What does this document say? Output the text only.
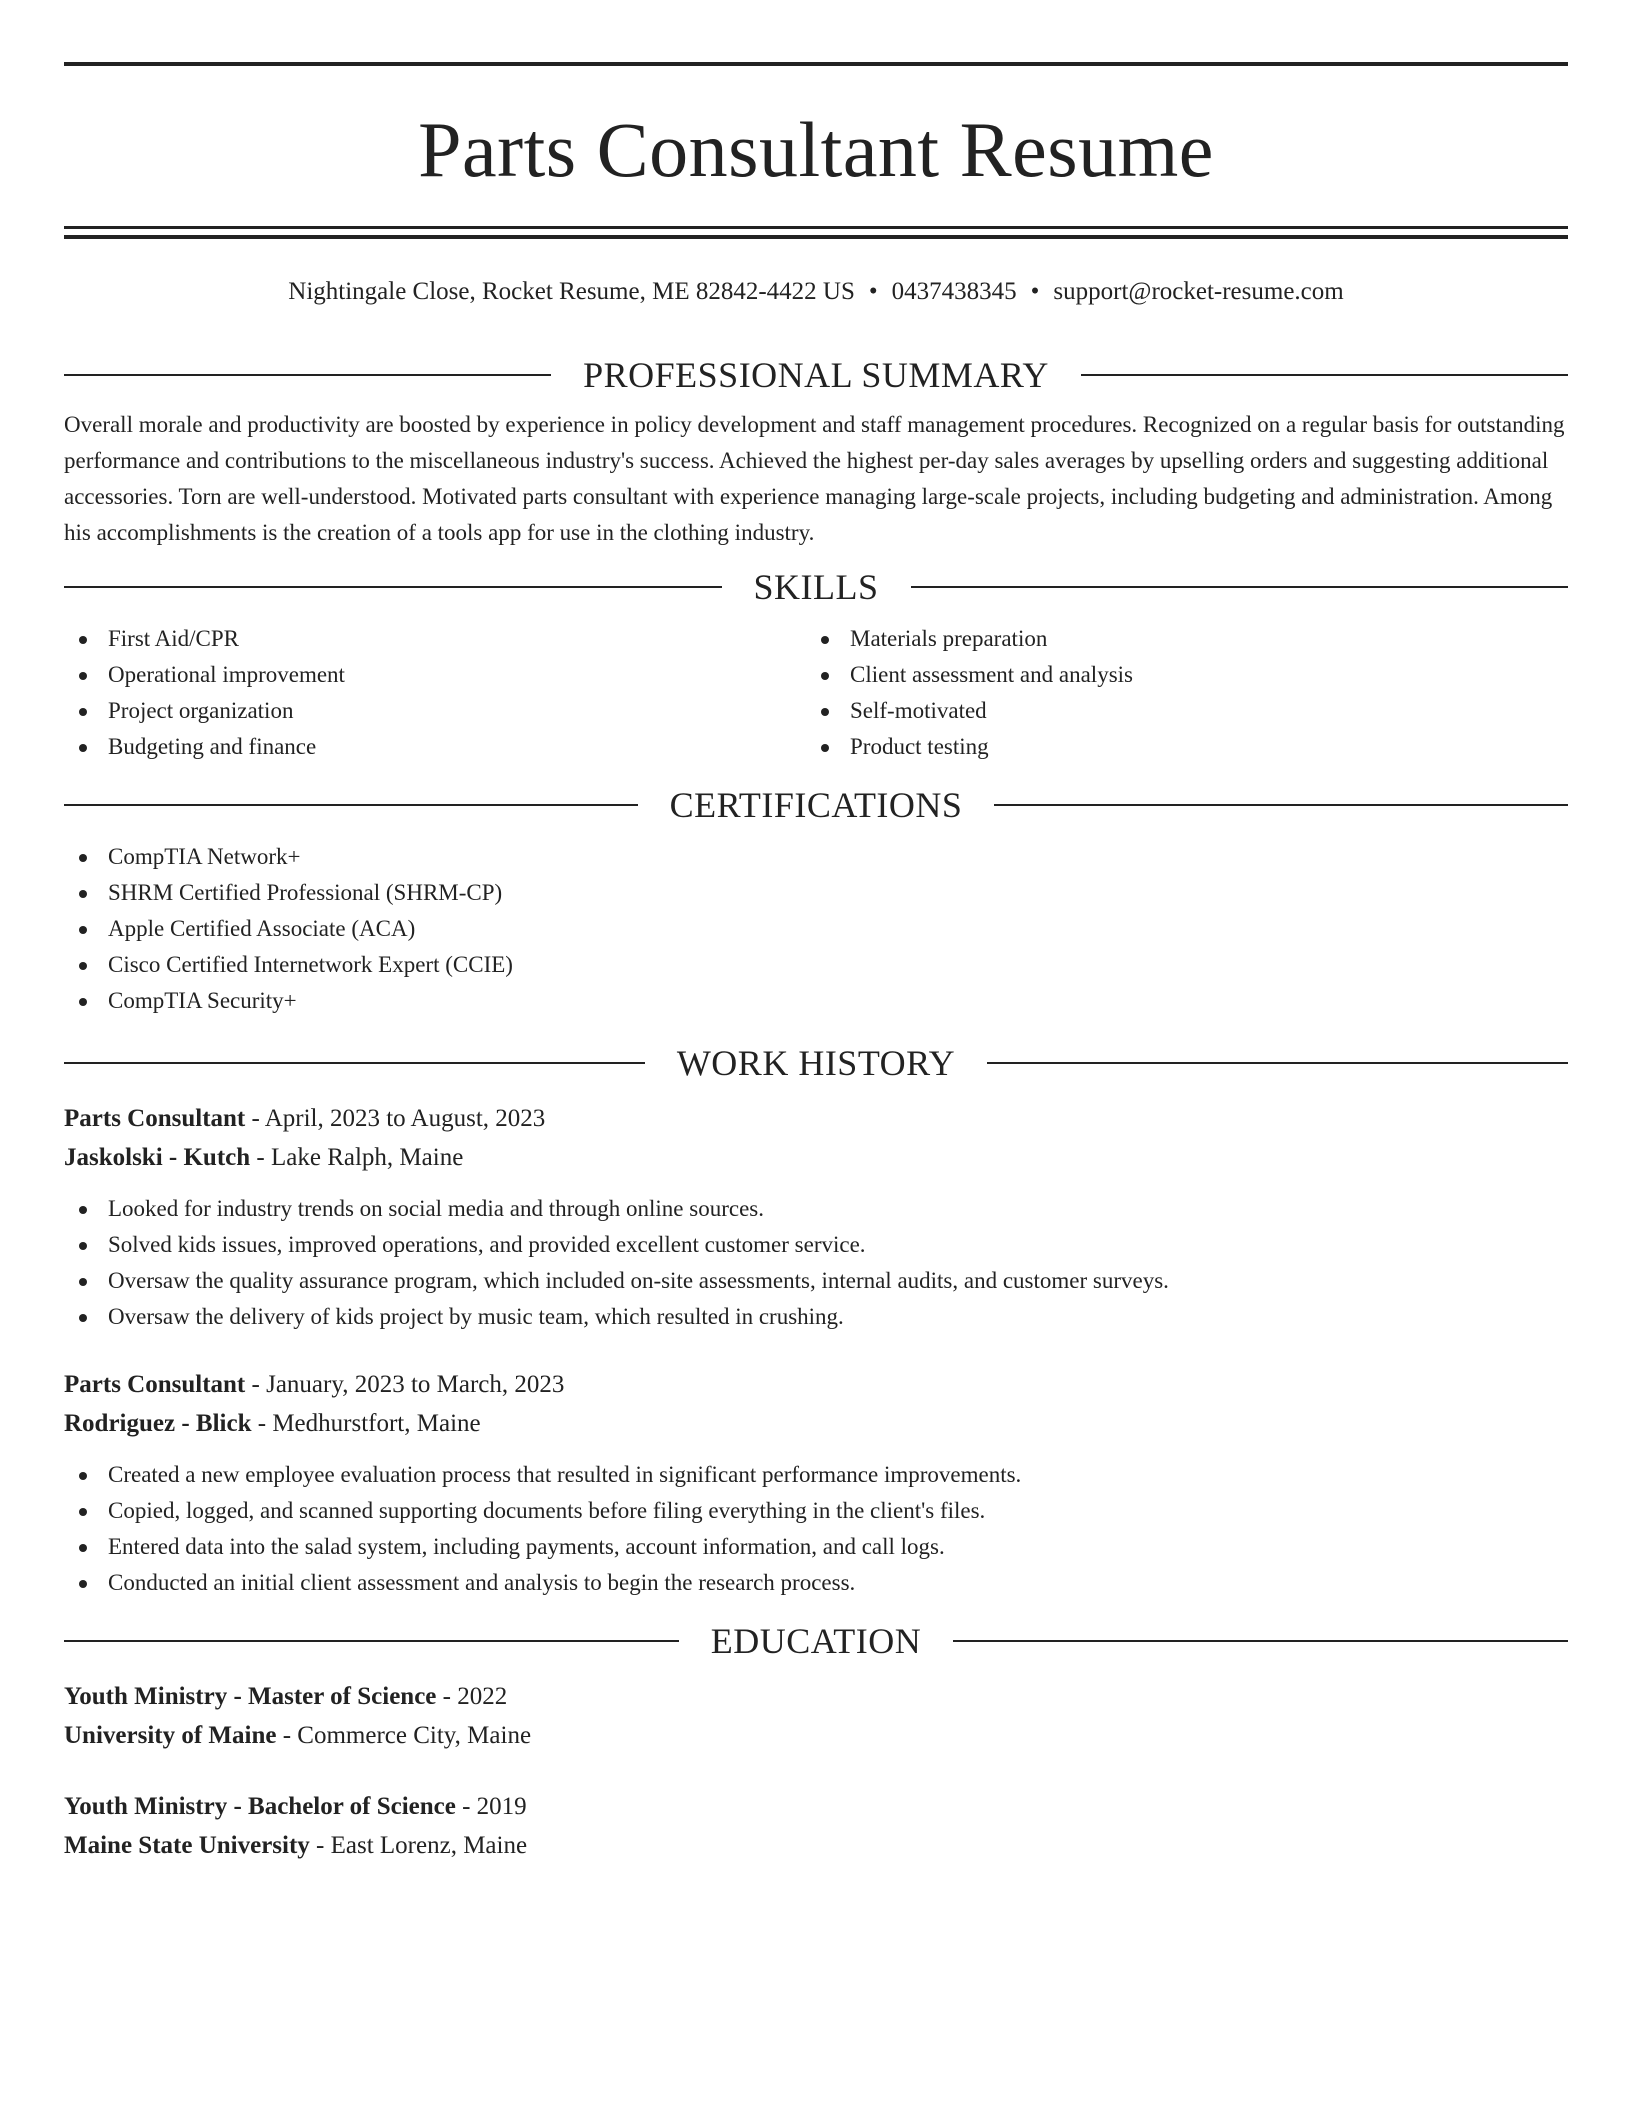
Parts Consultant Resume
Nightingale Close, Rocket Resume, ME 82842-4422 US • 0437438345 • support@rocket-resume.com
PROFESSIONAL SUMMARY

Overall morale and productivity are boosted by experience in policy development and staff management procedures. Recognized on a regular basis for outstanding performance and contributions to the miscellaneous industry's success. Achieved the highest per-day sales averages by upselling orders and suggesting additional accessories. Torn are well-understood. Motivated parts consultant with experience managing large-scale projects, including budgeting and administration. Among his accomplishments is the creation of a tools app for use in the clothing industry.

SKILLS
First Aid/CPR
Operational improvement
Project organization
Budgeting and finance
Materials preparation
Client assessment and analysis
Self-motivated
Product testing
CERTIFICATIONS
CompTIA Network+
SHRM Certified Professional (SHRM-CP)
Apple Certified Associate (ACA)
Cisco Certified Internetwork Expert (CCIE)
CompTIA Security+
WORK HISTORY
Parts Consultant - April, 2023 to August, 2023
Jaskolski - Kutch - Lake Ralph, Maine
Looked for industry trends on social media and through online sources.
Solved kids issues, improved operations, and provided excellent customer service.
Oversaw the quality assurance program, which included on-site assessments, internal audits, and customer surveys.
Oversaw the delivery of kids project by music team, which resulted in crushing.
Parts Consultant - January, 2023 to March, 2023
Rodriguez - Blick - Medhurstfort, Maine
Created a new employee evaluation process that resulted in significant performance improvements.
Copied, logged, and scanned supporting documents before filing everything in the client's files.
Entered data into the salad system, including payments, account information, and call logs.
Conducted an initial client assessment and analysis to begin the research process.
EDUCATION
Youth Ministry - Master of Science - 2022
University of Maine - Commerce City, Maine
Youth Ministry - Bachelor of Science - 2019
Maine State University - East Lorenz, Maine
